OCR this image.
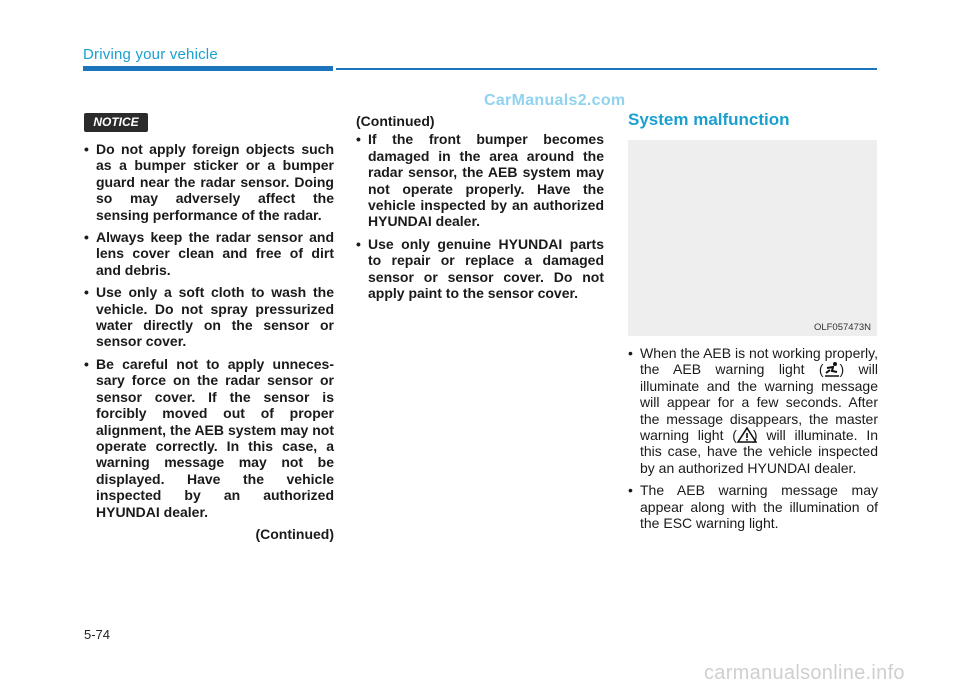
Driving your vehicle
CarManuals2.com
NOTICE
• Do not apply foreign objects such as a bumper sticker or a bumper guard near the radar sensor. Doing so may adversely affect the sensing performance of the radar.
• Always keep the radar sensor and lens cover clean and free of dirt and debris.
• Use only a soft cloth to wash the vehicle. Do not spray pressurized water directly on the sensor or sensor cover.
• Be careful not to apply unnecessary force on the radar sensor or sensor cover. If the sensor is forcibly moved out of proper alignment, the AEB system may not operate correctly. In this case, a warning message may not be displayed. Have the vehicle inspected by an authorized HYUNDAI dealer.
(Continued)
(Continued)
• If the front bumper becomes damaged in the area around the radar sensor, the AEB system may not operate properly. Have the vehicle inspected by an authorized HYUNDAI dealer.
• Use only genuine HYUNDAI parts to repair or replace a damaged sensor or sensor cover. Do not apply paint to the sensor cover.
System malfunction
OLF057473N
• When the AEB is not working properly, the AEB warning light ( ) will illuminate and the warning message will appear for a few seconds. After the message disappears, the master warning light ( ) will illuminate. In this case, have the vehicle inspected by an authorized HYUNDAI dealer.
• The AEB warning message may appear along with the illumination of the ESC warning light.
5-74
carmanualsonline.info
